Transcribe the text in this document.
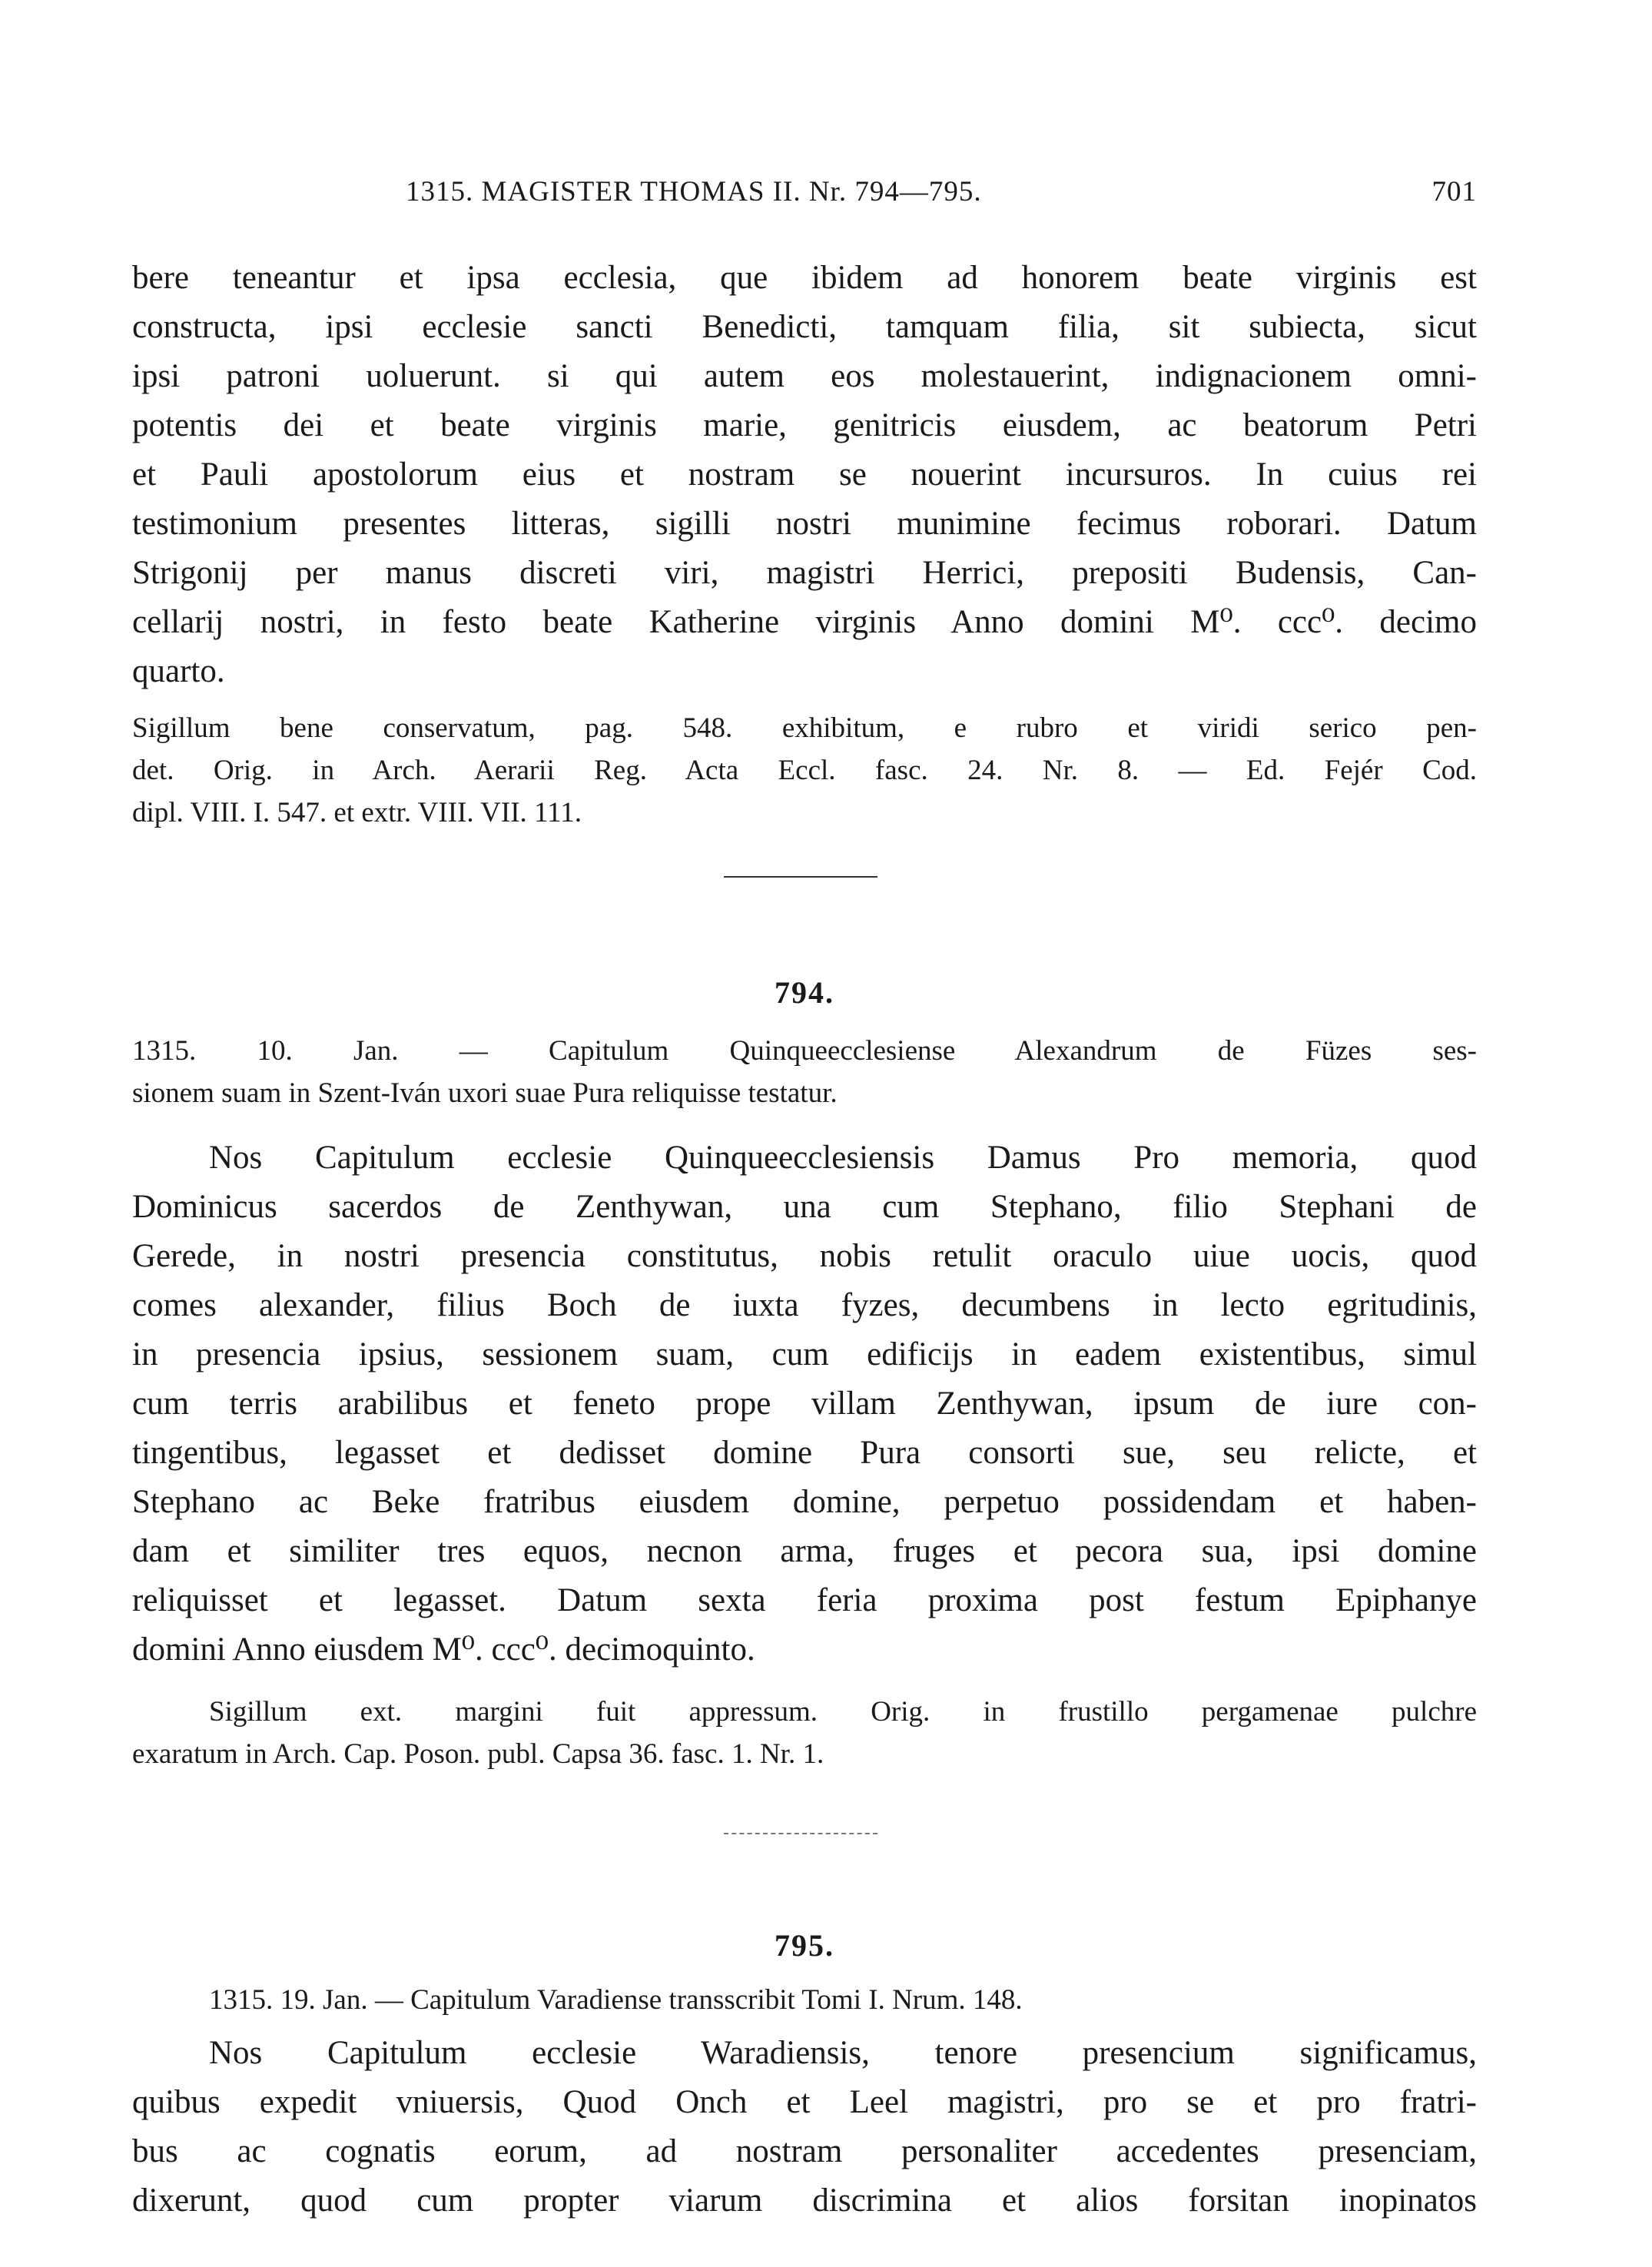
1315. MAGISTER THOMAS II. Nr. 794—795.	701
bere teneantur et ipsa ecclesia, que ibidem ad honorem beate virginis est
constructa, ipsi ecclesie sancti Benedicti, tamquam filia, sit subiecta, sicut
ipsi patroni uoluerunt. si qui autem eos molestauerint, indignacionem omni-
potentis dei et beate virginis marie, genitricis eiusdem, ac beatorum Petri
et Pauli apostolorum eius et nostram se nouerint incursuros. In cuius rei
testimonium presentes litteras, sigilli nostri munimine fecimus roborari. Datum
Strigonij per manus discreti viri, magistri Herrici, prepositi Budensis, Can-
cellarij nostri, in festo beate Katherine virginis Anno domini M⁰. ccc⁰. decimo
quarto.
Sigillum bene conservatum, pag. 548. exhibitum, e rubro et viridi serico pen-
det. Orig. in Arch. Aerarii Reg. Acta Eccl. fasc. 24. Nr. 8. — Ed. Fejér Cod.
dipl. VIII. I. 547. et extr. VIII. VII. 111.
794.
1315. 10. Jan. — Capitulum Quinqueecclesiense Alexandrum de Füzes ses-
sionem suam in Szent-Iván uxori suae Pura reliquisse testatur.
Nos Capitulum ecclesie Quinqueecclesiensis Damus Pro memoria, quod
Dominicus sacerdos de Zenthywan, una cum Stephano, filio Stephani de
Gerede, in nostri presencia constitutus, nobis retulit oraculo uiue uocis, quod
comes alexander, filius Boch de iuxta fyzes, decumbens in lecto egritudinis,
in presencia ipsius, sessionem suam, cum edificijs in eadem existentibus, simul
cum terris arabilibus et feneto prope villam Zenthywan, ipsum de iure con-
tingentibus, legasset et dedisset domine Pura consorti sue, seu relicte, et
Stephano ac Beke fratribus eiusdem domine, perpetuo possidendam et haben-
dam et similiter tres equos, necnon arma, fruges et pecora sua, ipsi domine
reliquisset et legasset. Datum sexta feria proxima post festum Epiphanye
domini Anno eiusdem M⁰. ccc⁰. decimoquinto.
Sigillum ext. margini fuit appressum. Orig. in frustillo pergamenae pulchre
exaratum in Arch. Cap. Poson. publ. Capsa 36. fasc. 1. Nr. 1.
795.
1315. 19. Jan. — Capitulum Varadiense transscribit Tomi I. Nrum. 148.
Nos Capitulum ecclesie Waradiensis, tenore presencium significamus,
quibus expedit vniuersis, Quod Onch et Leel magistri, pro se et pro fratri-
bus ac cognatis eorum, ad nostram personaliter accedentes presenciam,
dixerunt, quod cum propter viarum discrimina et alios forsitan inopinatos
